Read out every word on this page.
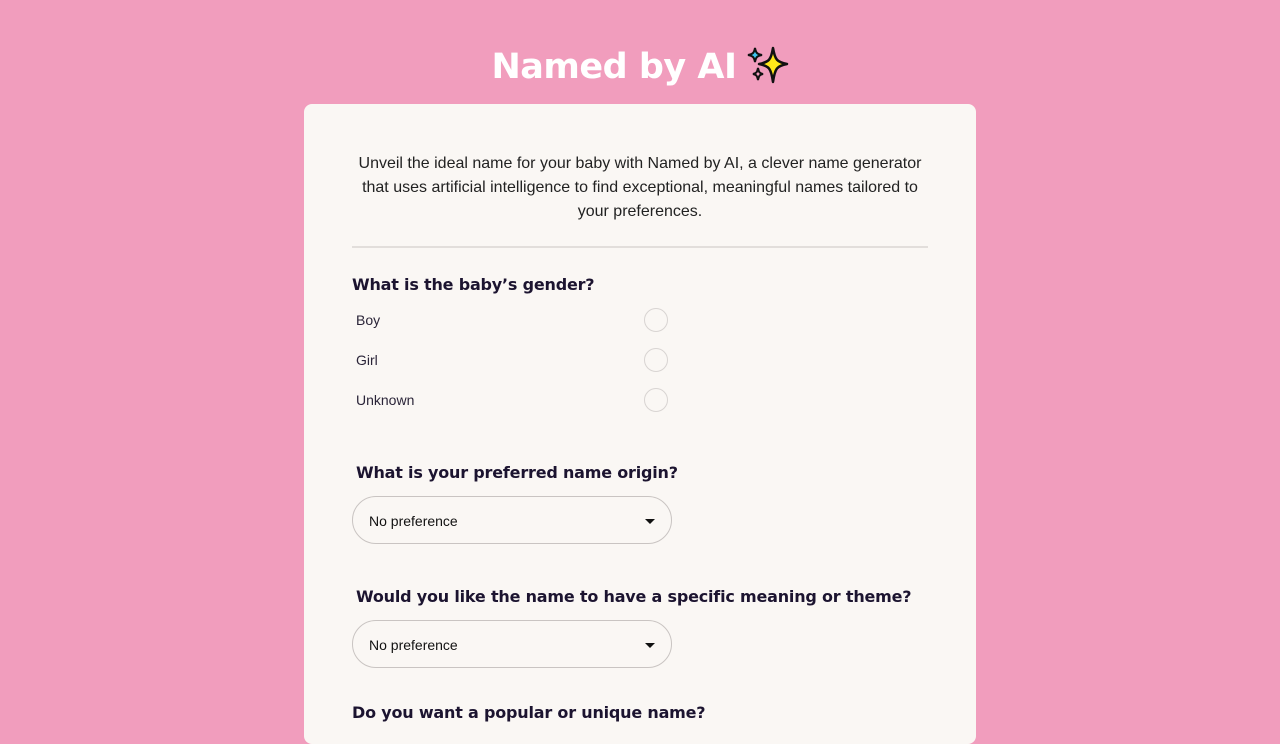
Named by AI

Unveil the ideal name for your baby with Named by AI, a clever name generator that uses artificial intelligence to find exceptional, meaningful names tailored to your preferences.

What is the baby’s gender?
Boy
Girl
Unknown
What is your preferred name origin?
No preference
Would you like the name to have a specific meaning or theme?
No preference
Do you want a popular or unique name?
